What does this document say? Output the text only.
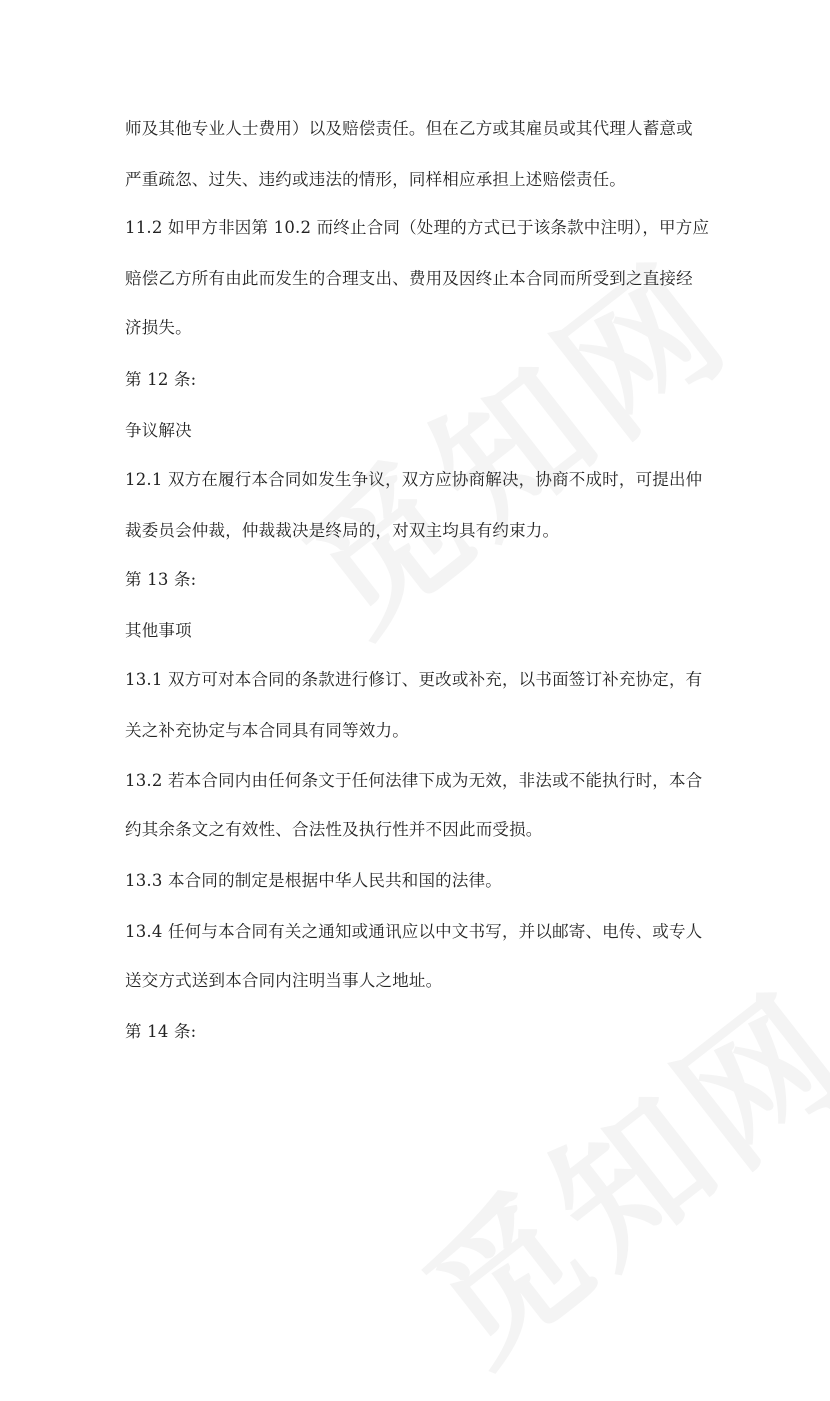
师及其他专业人士费用）以及赔偿责任。但在乙方或其雇员或其代理人蓄意或
严重疏忽、过失、违约或违法的情形，同样相应承担上述赔偿责任。
11.2 如甲方非因第 10.2 而终止合同（处理的方式已于该条款中注明），甲方应
赔偿乙方所有由此而发生的合理支出、费用及因终止本合同而所受到之直接经
济损失。
第 12 条:
争议解决
12.1 双方在履行本合同如发生争议，双方应协商解决，协商不成时，可提出仲
裁委员会仲裁，仲裁裁决是终局的，对双主均具有约束力。
第 13 条:
其他事项
13.1 双方可对本合同的条款进行修订、更改或补充，以书面签订补充协定，有
关之补充协定与本合同具有同等效力。
13.2 若本合同内由任何条文于任何法律下成为无效，非法或不能执行时，本合
约其余条文之有效性、合法性及执行性并不因此而受损。
13.3 本合同的制定是根据中华人民共和国的法律。
13.4 任何与本合同有关之通知或通讯应以中文书写，并以邮寄、电传、或专人
送交方式送到本合同内注明当事人之地址。
第 14 条:
